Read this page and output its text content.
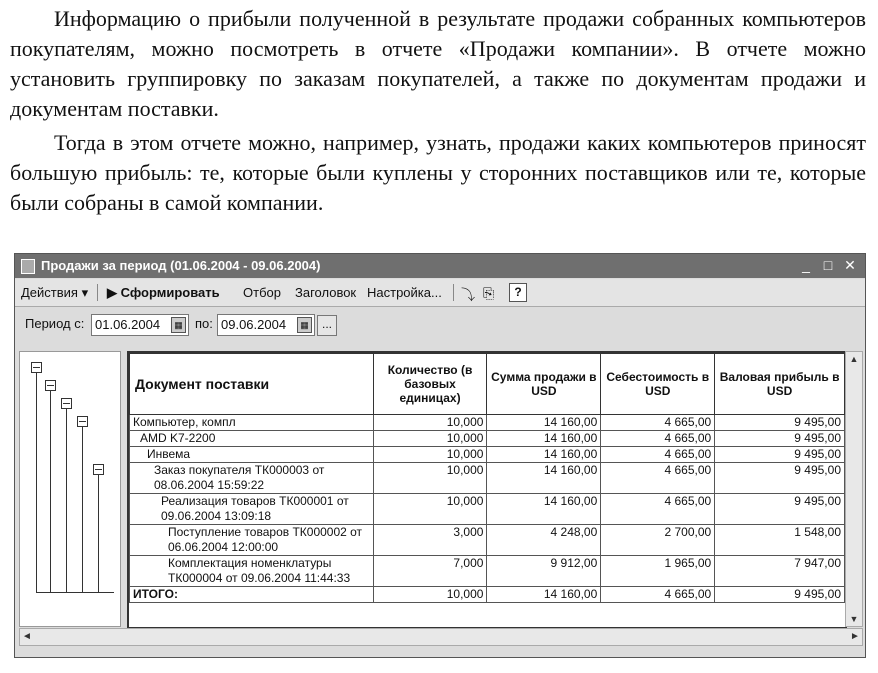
Информацию о прибыли полученной в результате продажи собранных компьютеров покупателям, можно посмотреть в отчете «Продажи компании». В отчете можно установить группировку по заказам покупателей, а также по документам продажи и документам поставки.
Тогда в этом отчете можно, например, узнать, продажи каких компьютеров приносят большую прибыль: те, которые были куплены у сторонних поставщиков или те, которые были собраны в самой компании.
Продажи за период (01.06.2004 - 09.06.2004)	_ □ ✕
Действия ▾ ▶ Сформировать Отбор Заголовок Настройка... ⤵ ⎘	?
Период с: 01.06.2004	▦ по: 09.06.2004	▦	...
Документ поставки	Количество (в базовых единицах)	Сумма продажи в USD	Себестоимость в USD	Валовая прибыль в USD
Компьютер, компл	10,000	14 160,00	4 665,00	9 495,00
AMD K7-2200	10,000	14 160,00	4 665,00	9 495,00
Инвема	10,000	14 160,00	4 665,00	9 495,00
Заказ покупателя ТК000003 от 08.06.2004 15:59:22	10,000	14 160,00	4 665,00	9 495,00
Реализация товаров ТК000001 от 09.06.2004 13:09:18	10,000	14 160,00	4 665,00	9 495,00
Поступление товаров ТК000002 от 06.06.2004 12:00:00	3,000	4 248,00	2 700,00	1 548,00
Комплектация номенклатуры ТК000004 от 09.06.2004 11:44:33	7,000	9 912,00	1 965,00	7 947,00
ИТОГО:	10,000	14 160,00	4 665,00	9 495,00
▲
▼
◄	►
